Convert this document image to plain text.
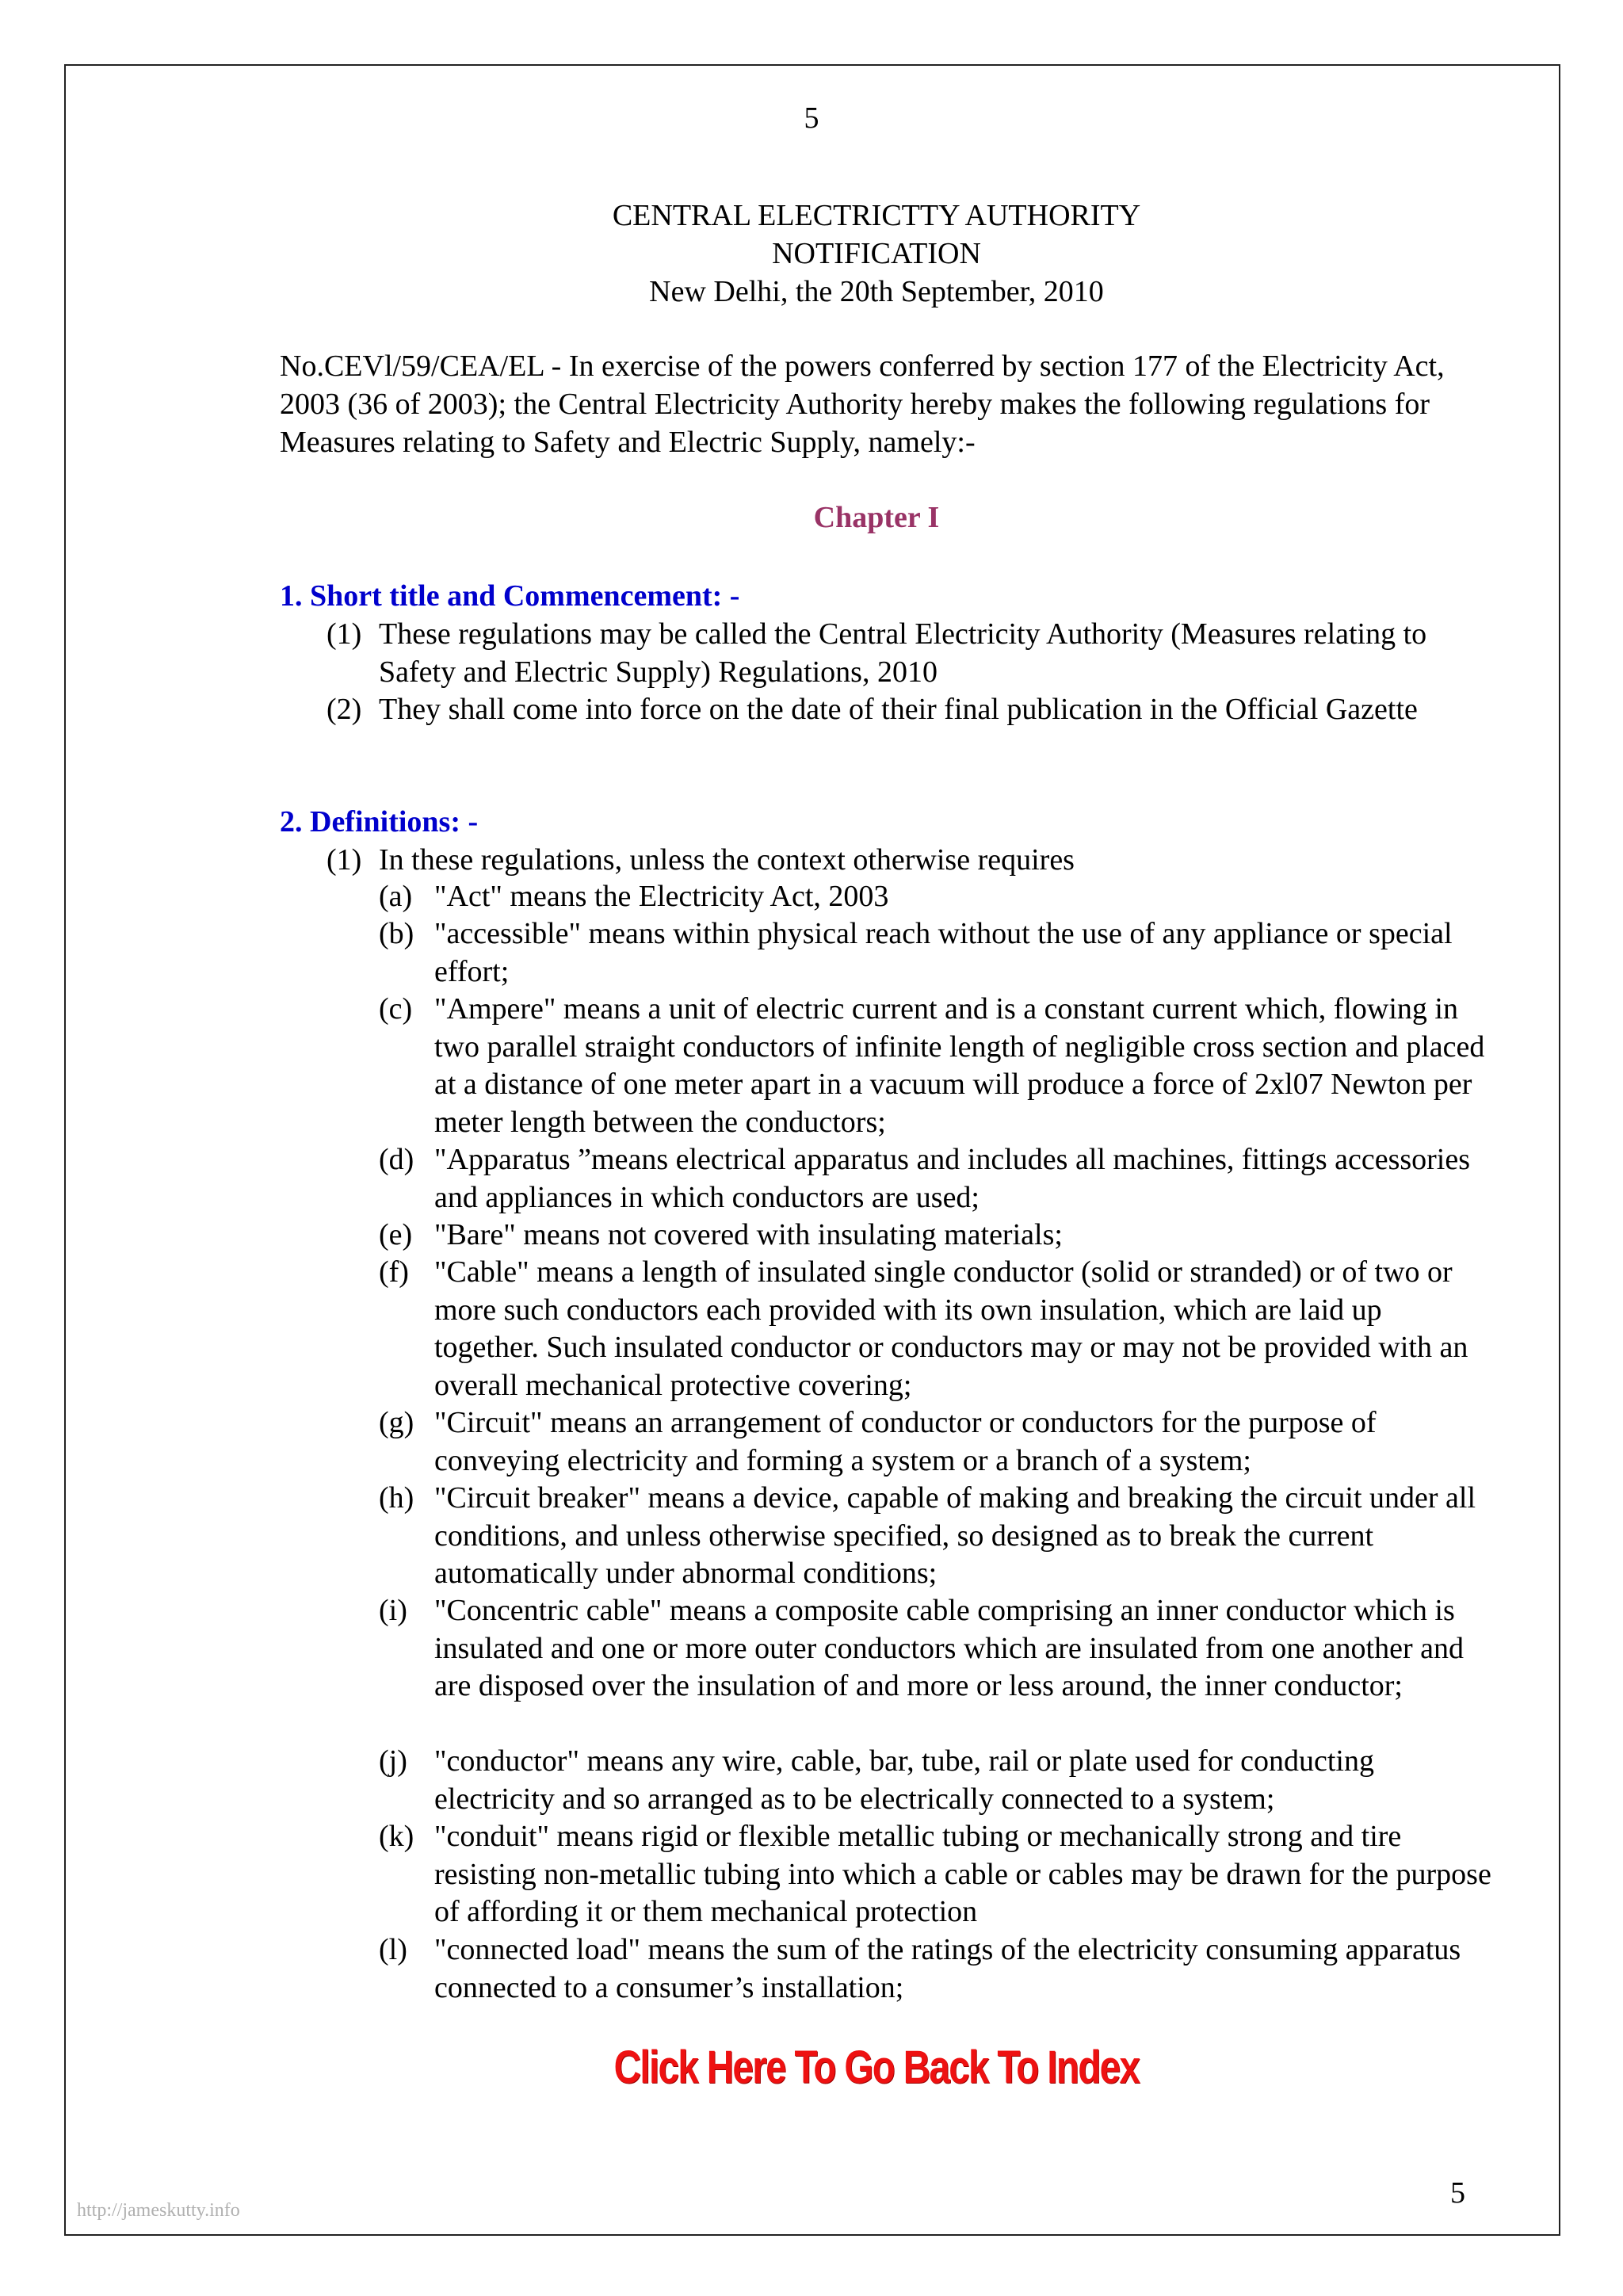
5
CENTRAL ELECTRICTTY AUTHORITY
NOTIFICATION
New Delhi, the 20th September, 2010
No.CEVl/59/CEA/EL - In exercise of the powers conferred by section 177 of the Electricity Act, 2003 (36 of 2003); the Central Electricity Authority hereby makes the following regulations for Measures relating to Safety and Electric Supply, namely:-
Chapter I
1. Short title and Commencement: -
(1) These regulations may be called the Central Electricity Authority (Measures relating to Safety and Electric Supply) Regulations, 2010
(2) They shall come into force on the date of their final publication in the Official Gazette
2. Definitions: -
(1) In these regulations, unless the context otherwise requires
(a) "Act" means the Electricity Act, 2003
(b) "accessible" means within physical reach without the use of any appliance or special effort;
(c) "Ampere" means a unit of electric current and is a constant current which, flowing in two parallel straight conductors of infinite length of negligible cross section and placed at a distance of one meter apart in a vacuum will produce a force of 2xl07 Newton per meter length between the conductors;
(d) "Apparatus ”means electrical apparatus and includes all machines, fittings accessories and appliances in which conductors are used;
(e) "Bare" means not covered with insulating materials;
(f) "Cable" means a length of insulated single conductor (solid or stranded) or of two or more such conductors each provided with its own insulation, which are laid up together. Such insulated conductor or conductors may or may not be provided with an overall mechanical protective covering;
(g) "Circuit" means an arrangement of conductor or conductors for the purpose of conveying electricity and forming a system or a branch of a system;
(h) "Circuit breaker" means a device, capable of making and breaking the circuit under all conditions, and unless otherwise specified, so designed as to break the current automatically under abnormal conditions;
(i) "Concentric cable" means a composite cable comprising an inner conductor which is insulated and one or more outer conductors which are insulated from one another and are disposed over the insulation of and more or less around, the inner conductor;
(j) "conductor" means any wire, cable, bar, tube, rail or plate used for conducting electricity and so arranged as to be electrically connected to a system;
(k) "conduit" means rigid or flexible metallic tubing or mechanically strong and tire resisting non-metallic tubing into which a cable or cables may be drawn for the purpose of affording it or them mechanical protection
(l) "connected load" means the sum of the ratings of the electricity consuming apparatus connected to a consumer’s installation;
Click Here To Go Back To Index
5
http://jameskutty.info
